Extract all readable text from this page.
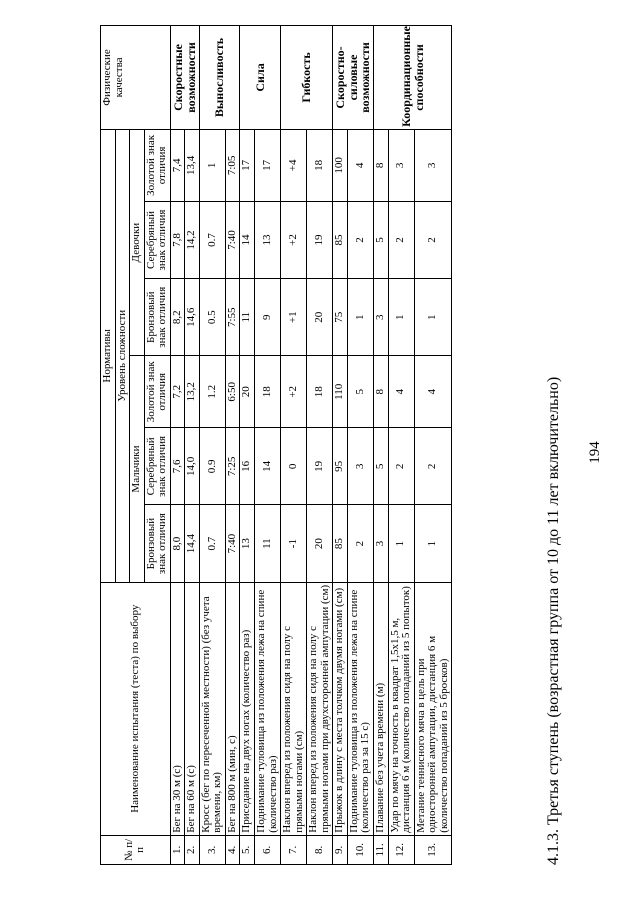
194
4.1.3. Третья ступень (возрастная группа от 10 до 11 лет включительно)
№ п/п	Наименование испытания (теста) по выбору	Нормативы						Физические качества
		Уровень сложности						
		Мальчики			Девочки			
		Бронзовый знак отличия	Серебряный знак отличия	Золотой знак отличия	Бронзовый знак отличия	Серебряный знак отличия	Золотой знак отличия	
1.	Бег на 30 м (с)	8,0	7,6	7,2	8,2	7,8	7,4	Скоростные возможности
2.	Бег на 60 м (с)	14,4	14,0	13,2	14,6	14,2	13,4	
3.	Кросс (бег по пересеченной местности) (без учета времени, км)	0.7	0.9	1.2	0.5	0.7	1	Выносливость
4.	Бег на 800 м (мин, с)	7:40	7:25	6:50	7:55	7:40	7:05	
5.	Приседание на двух ногах (количество раз)	13	16	20	11	14	17	Сила
6.	Поднимание туловища из положения лежа на спине (количество раз)	11	14	18	9	13	17	
7.	Наклон вперед из положения сидя на полу с прямыми ногами (см)	-1	0	+2	+1	+2	+4	Гибкость
8.	Наклон вперед из положения сидя на полу с прямыми ногами при двухсторонней ампутации (см)	20	19	18	20	19	18	
9.	Прыжок в длину с места толчком двумя ногами (см)	85	95	110	75	85	100	Скоростно-силовые возможности
10.	Поднимание туловища из положения лежа на спине (количество раз за 15 с)	2	3	5	1	2	4	
11.	Плавание без учета времени (м)	3	5	8	3	5	8	Координационные способности
12.	Удар по мячу на точность в квадрат 1,5х1,5 м, дистанция 6 м (количество попаданий из 5 попыток)	1	2	4	1	2	3	
13.	Метание теннисного мяча в цель при односторонней ампутации, дистанция 6 м (количество попаданий из 5 бросков)	1	2	4	1	2	3	
